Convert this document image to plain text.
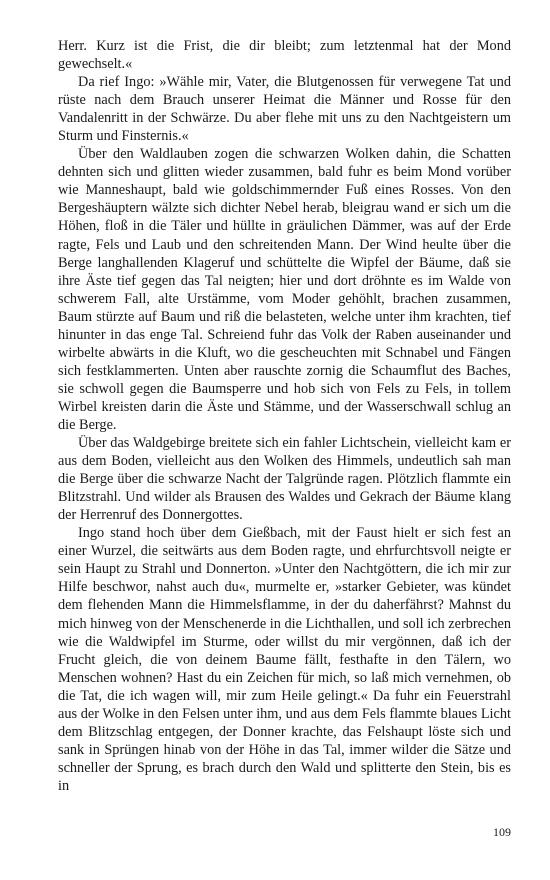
Herr. Kurz ist die Frist, die dir bleibt; zum letztenmal hat der Mond gewechselt.«

Da rief Ingo: »Wähle mir, Vater, die Blutgenossen für verwegene Tat und rüste nach dem Brauch unserer Heimat die Männer und Rosse für den Vandalenritt in der Schwärze. Du aber flehe mit uns zu den Nachtgeistern um Sturm und Finsternis.«

Über den Waldlauben zogen die schwarzen Wolken dahin, die Schatten dehnten sich und glitten wieder zusammen, bald fuhr es beim Mond vorüber wie Manneshaupt, bald wie goldschimmernder Fuß eines Rosses. Von den Bergeshäuptern wälzte sich dichter Nebel herab, bleigrau wand er sich um die Höhen, floß in die Täler und hüllte in gräulichen Dämmer, was auf der Erde ragte, Fels und Laub und den schreitenden Mann. Der Wind heulte über die Berge langhallenden Klageruf und schüttelte die Wipfel der Bäume, daß sie ihre Äste tief gegen das Tal neigten; hier und dort dröhnte es im Walde von schwerem Fall, alte Urstämme, vom Moder gehöhlt, brachen zusammen, Baum stürzte auf Baum und riß die belasteten, welche unter ihm krachten, tief hinunter in das enge Tal. Schreiend fuhr das Volk der Raben auseinander und wirbelte abwärts in die Kluft, wo die gescheuchten mit Schnabel und Fängen sich festklammerten. Unten aber rauschte zornig die Schaumflut des Baches, sie schwoll gegen die Baumsperre und hob sich von Fels zu Fels, in tollem Wirbel kreisten darin die Äste und Stämme, und der Wasserschwall schlug an die Berge.

Über das Waldgebirge breitete sich ein fahler Lichtschein, vielleicht kam er aus dem Boden, vielleicht aus den Wolken des Himmels, undeutlich sah man die Berge über die schwarze Nacht der Talgründe ragen. Plötzlich flammte ein Blitzstrahl. Und wilder als Brausen des Waldes und Gekrach der Bäume klang der Herrenruf des Donnergottes.

Ingo stand hoch über dem Gießbach, mit der Faust hielt er sich fest an einer Wurzel, die seitwärts aus dem Boden ragte, und ehrfurchtsvoll neigte er sein Haupt zu Strahl und Donnerton. »Unter den Nachtgöttern, die ich mir zur Hilfe beschwor, nahst auch du«, murmelte er, »starker Gebieter, was kündet dem flehenden Mann die Himmelsflamme, in der du daherfährst? Mahnst du mich hinweg von der Menschenerde in die Lichthallen, und soll ich zerbrechen wie die Waldwipfel im Sturme, oder willst du mir vergönnen, daß ich der Frucht gleich, die von deinem Baume fällt, festhafte in den Tälern, wo Menschen wohnen? Hast du ein Zeichen für mich, so laß mich vernehmen, ob die Tat, die ich wagen will, mir zum Heile gelingt.« Da fuhr ein Feuerstrahl aus der Wolke in den Felsen unter ihm, und aus dem Fels flammte blaues Licht dem Blitzschlag entgegen, der Donner krachte, das Felshaupt löste sich und sank in Sprüngen hinab von der Höhe in das Tal, immer wilder die Sätze und schneller der Sprung, es brach durch den Wald und splitterte den Stein, bis es in

109
